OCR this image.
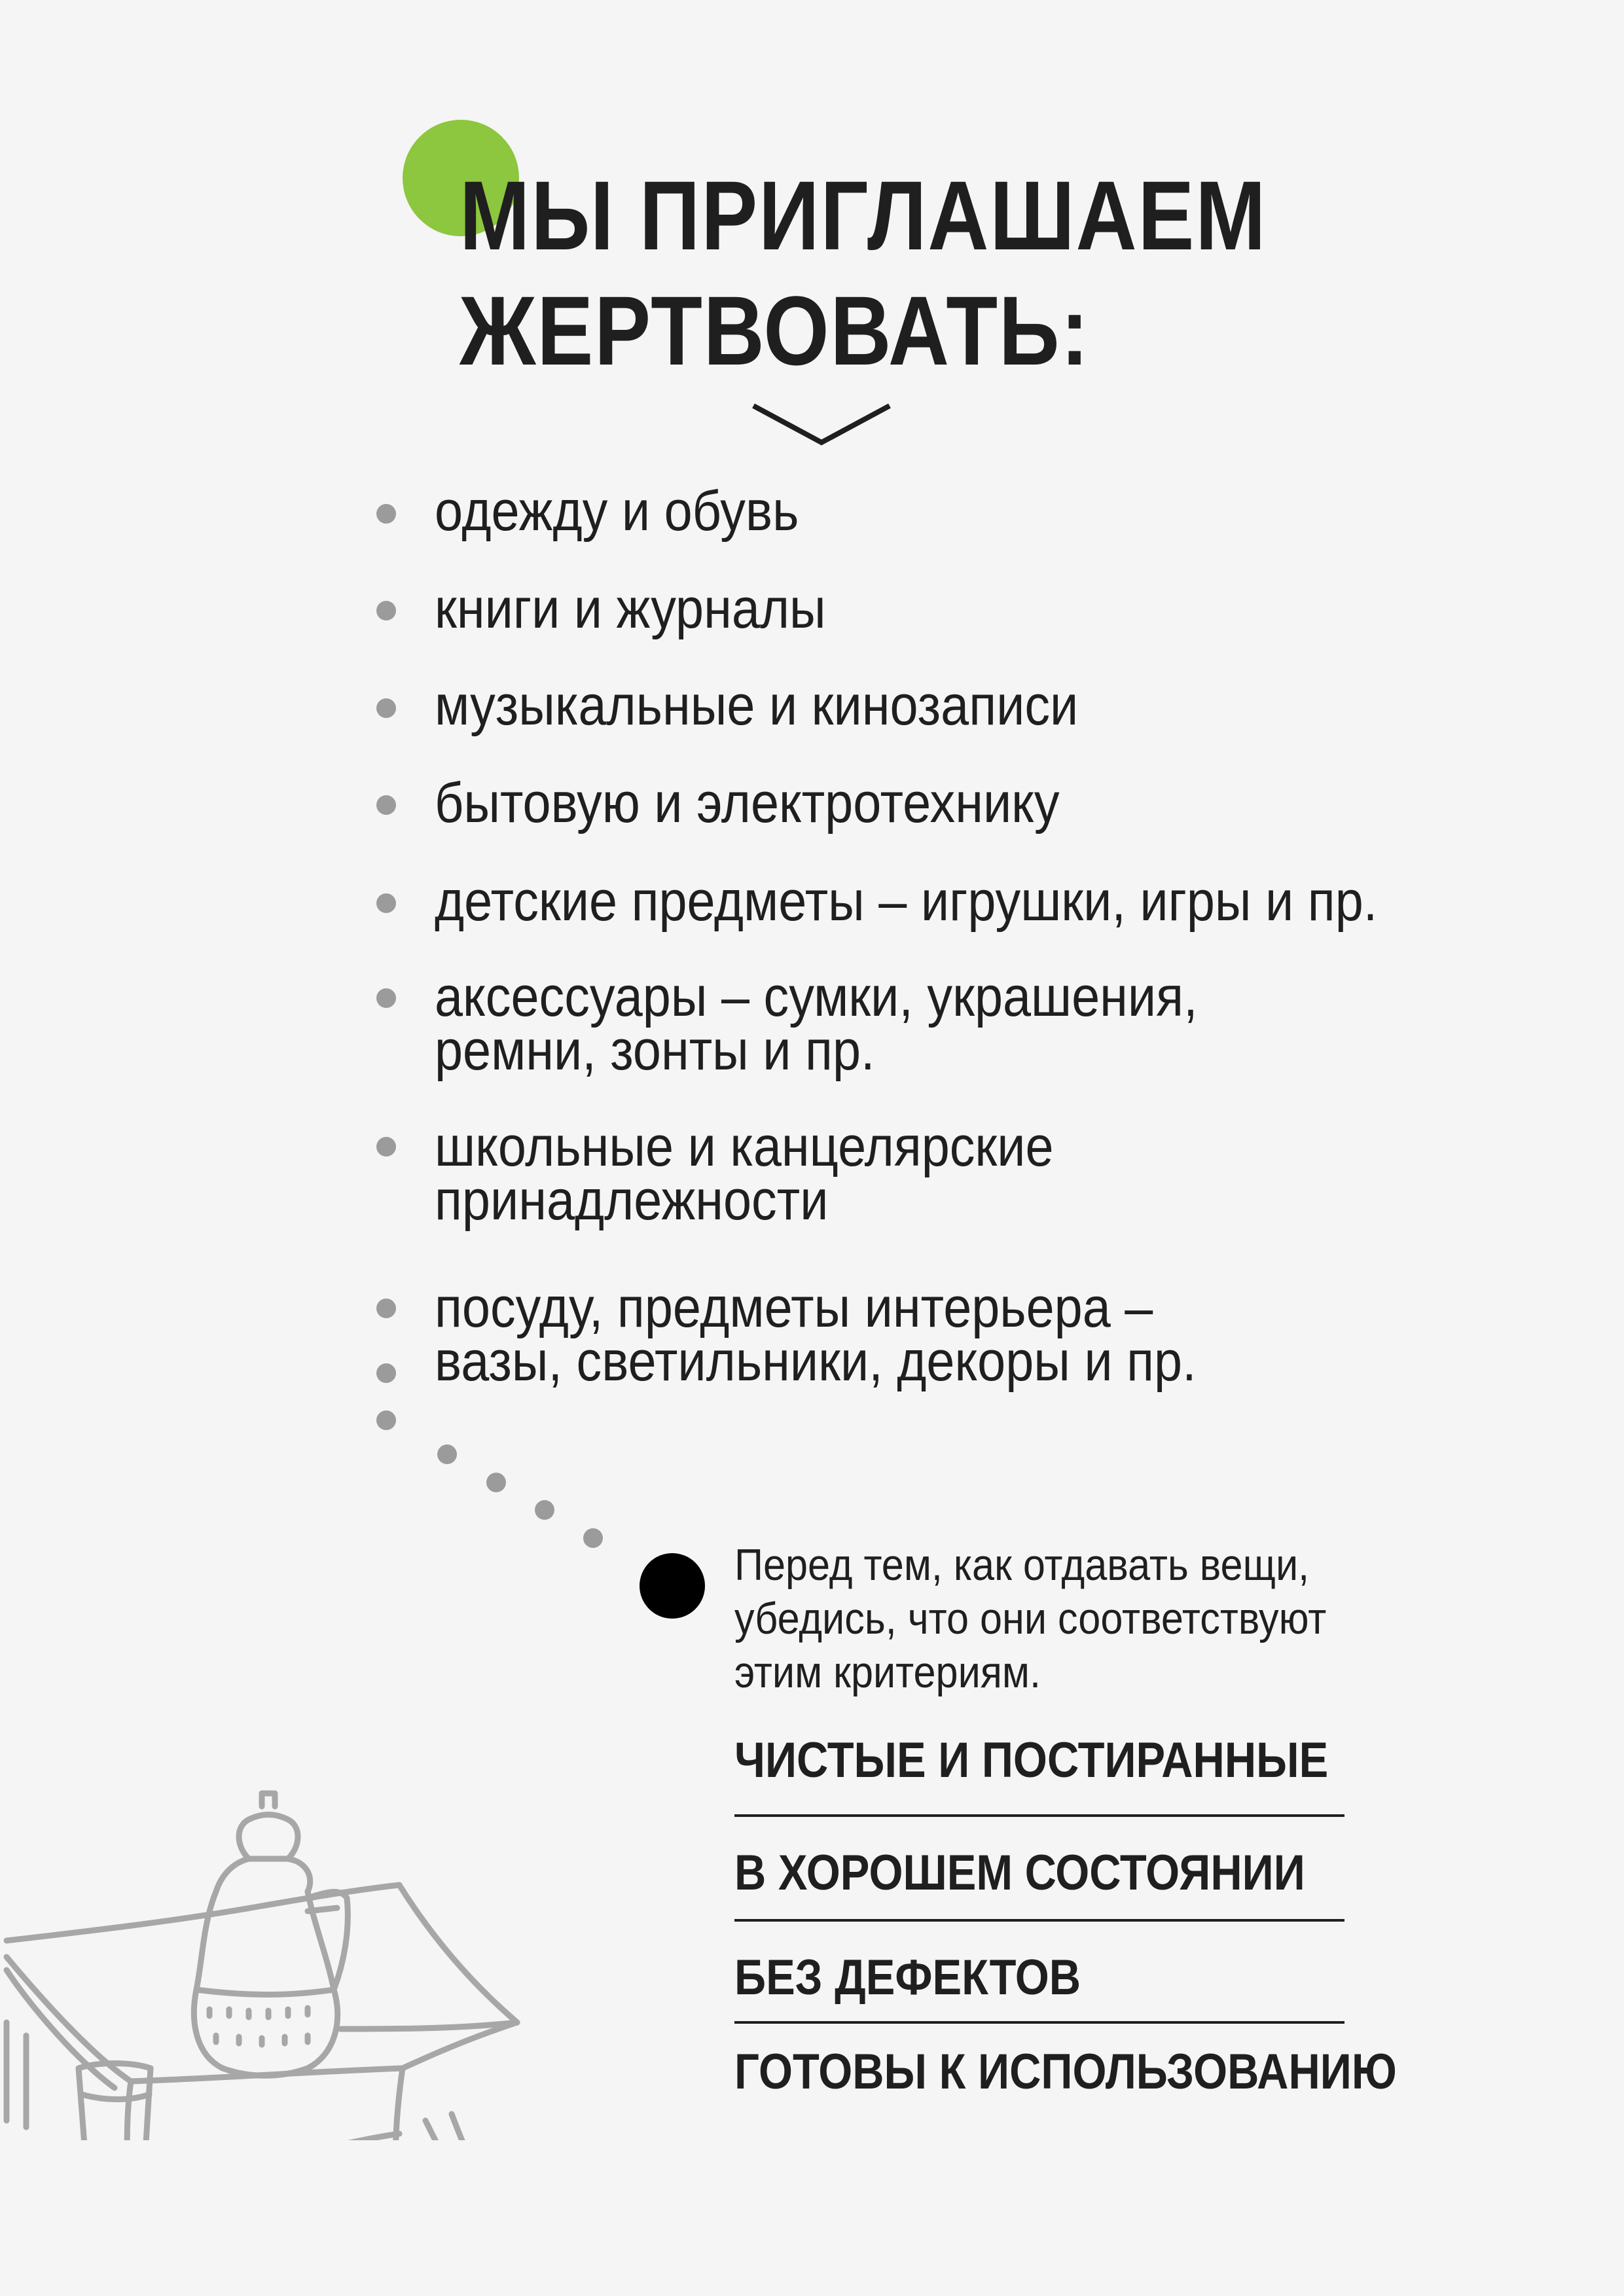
МЫ ПРИГЛАШАЕМ
ЖЕРТВОВАТЬ:
одежду и обувь
книги и журналы
музыкальные и кинозаписи
бытовую и электротехнику
детские предметы – игрушки, игры и пр.
аксессуары – сумки, украшения,
ремни, зонты и пр.
школьные и канцелярские
принадлежности
посуду, предметы интерьера –
вазы, светильники, декоры и пр.
Перед тем, как отдавать вещи,
убедись, что они соответствуют
этим критериям.
ЧИСТЫЕ И ПОСТИРАННЫЕ
В ХОРОШЕМ СОСТОЯНИИ
БЕЗ ДЕФЕКТОВ
ГОТОВЫ К ИСПОЛЬЗОВАНИЮ
